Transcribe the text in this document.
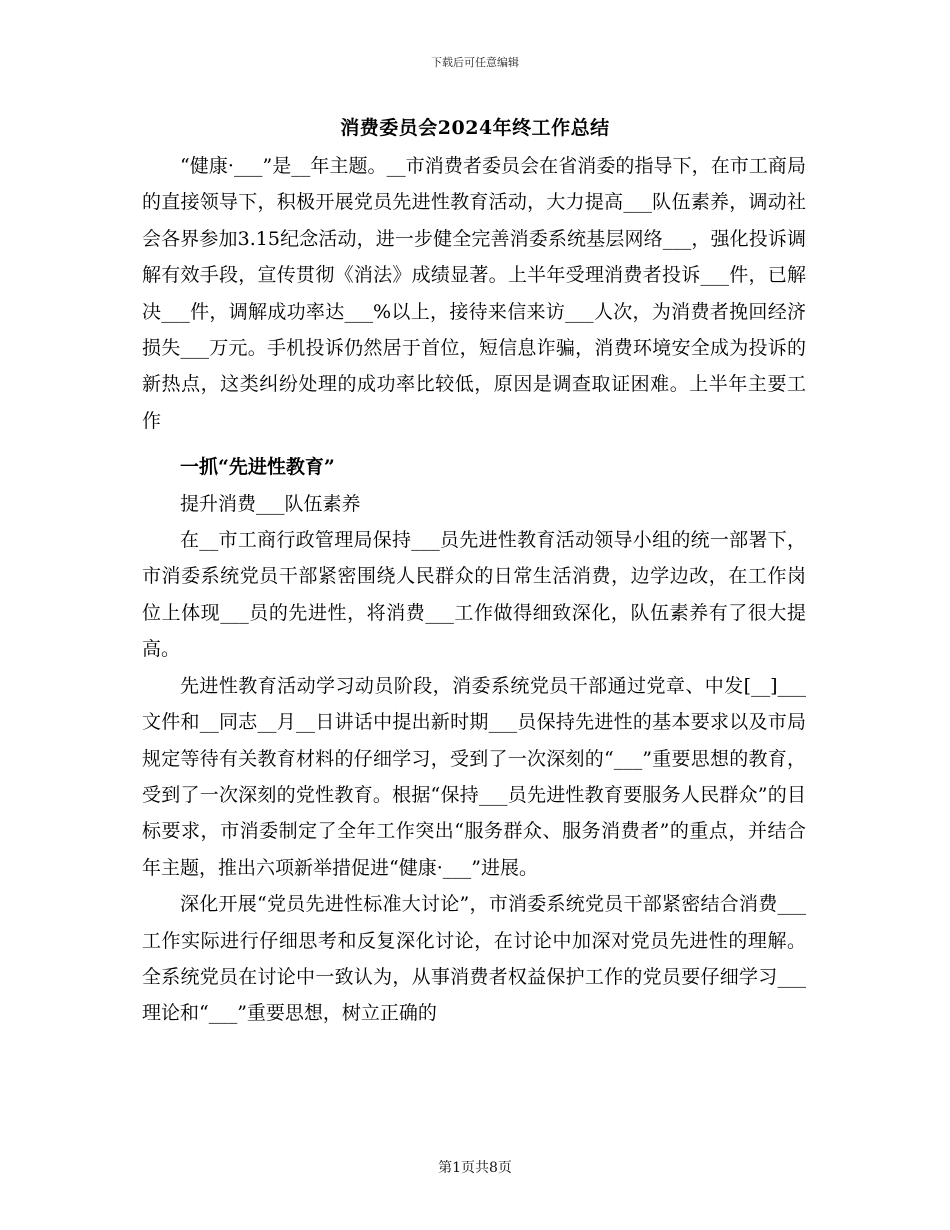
下载后可任意编辑
消费委员会2024年终工作总结

“健康·___”是__年主题。__市消费者委员会在省消委的指导下，在市工商局的直接领导下，积极开展党员先进性教育活动，大力提高___队伍素养，调动社会各界参加3.15纪念活动，进一步健全完善消委系统基层网络___，强化投诉调解有效手段，宣传贯彻《消法》成绩显著。上半年受理消费者投诉___件，已解决___件，调解成功率达___%以上，接待来信来访___人次，为消费者挽回经济损失___万元。手机投诉仍然居于首位，短信息诈骗，消费环境安全成为投诉的新热点，这类纠纷处理的成功率比较低，原因是调查取证困难。上半年主要工作

一抓“先进性教育”

提升消费___队伍素养

在__市工商行政管理局保持___员先进性教育活动领导小组的统一部署下，市消委系统党员干部紧密围绕人民群众的日常生活消费，边学边改，在工作岗位上体现___员的先进性，将消费___工作做得细致深化，队伍素养有了很大提高。

先进性教育活动学习动员阶段，消委系统党员干部通过党章、中发[__]___文件和__同志__月__日讲话中提出新时期___员保持先进性的基本要求以及市局规定等待有关教育材料的仔细学习，受到了一次深刻的“___”重要思想的教育，受到了一次深刻的党性教育。根据“保持___员先进性教育要服务人民群众”的目标要求，市消委制定了全年工作突出“服务群众、服务消费者”的重点，并结合年主题，推出六项新举措促进“健康·___”进展。

深化开展“党员先进性标准大讨论”，市消委系统党员干部紧密结合消费___工作实际进行仔细思考和反复深化讨论，在讨论中加深对党员先进性的理解。全系统党员在讨论中一致认为，从事消费者权益保护工作的党员要仔细学习___理论和“___”重要思想，树立正确的

第1页共8页
